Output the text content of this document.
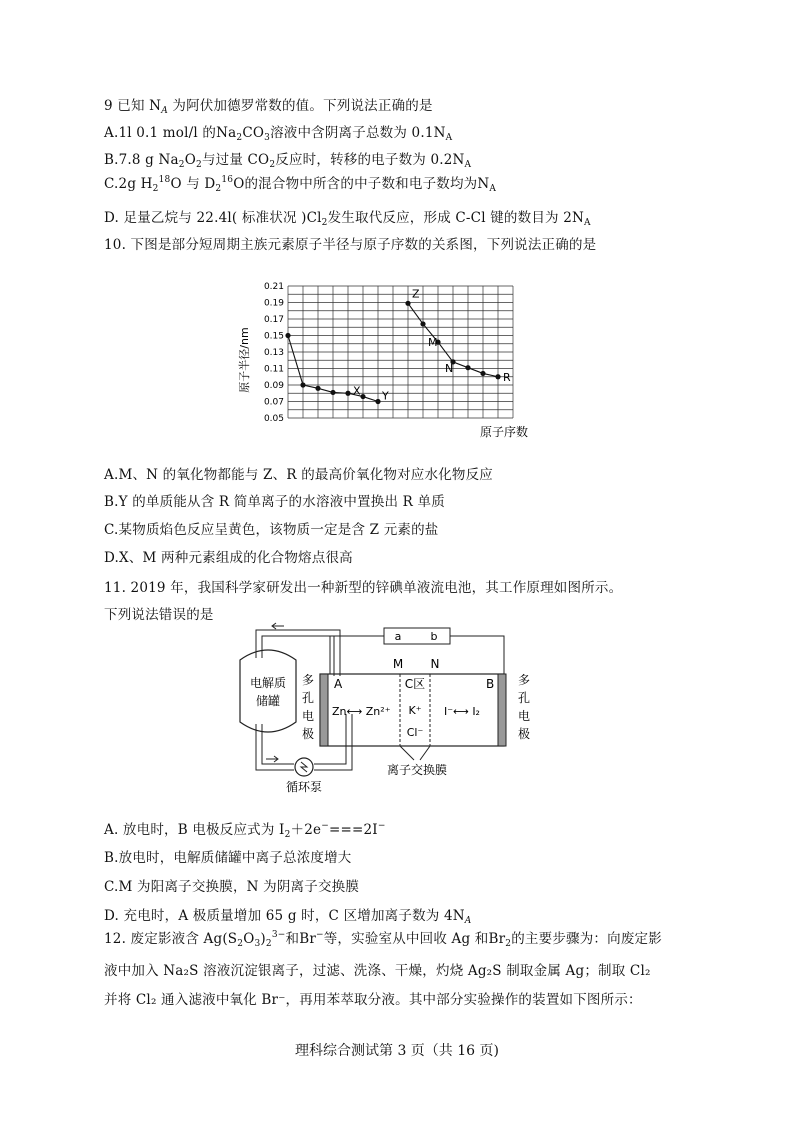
9 已知 $N_A$ 为阿伏加德罗常数的值。下列说法正确的是
A.1l 0.1 mol/l 的$Na_2CO_3$溶液中含阴离子总数为 $0.1N_A$
B.7.8 g $Na_2O_2$与过量 $CO_2$反应时，转移的电子数为 $0.2N_A$
C.2g $H_2^{18}O$ 与 $D_2^{16}O$的混合物中所含的中子数和电子数均为$N_A$
D. 足量乙烷与 22.4l( 标准状况 )$Cl_2$发生取代反应，形成 C-Cl 键的数目为 $2N_A$
10. 下图是部分短周期主族元素原子半径与原子序数的关系图，下列说法正确的是
0.21
0.19
0.17
0.15
0.13
0.11
0.09
0.07
0.05
X Y
Z
M
N
R
原子半径/nm
原子序数
A.M、N 的氧化物都能与 Z、R 的最高价氧化物对应水化物反应
B.Y 的单质能从含 R 简单离子的水溶液中置换出 R 单质
C.某物质焰色反应呈黄色，该物质一定是含 Z 元素的盐
D.X、M 两种元素组成的化合物熔点很高
11. 2019 年，我国科学家研发出一种新型的锌碘单液流电池，其工作原理如图所示。
下列说法错误的是
电解质
储罐
循环泵
a	b
M N
A	B
多
孔
电
极
多
孔
电
极
Zn⟷ Zn²⁺
C区
K⁺
Cl⁻
I⁻⟷ I₂
离子交换膜
A. 放电时，B 电极反应式为 $I_2+2e^-===2I^-$
B.放电时，电解质储罐中离子总浓度增大
C.M 为阳离子交换膜，N 为阴离子交换膜
D. 充电时，A 极质量增加 65 g 时，C 区增加离子数为 $4N_A$
12. 废定影液含 $Ag(S_2O_3)_2^{3-}$和Br−等，实验室从中回收 Ag 和$Br_2$的主要步骤为：向废定影
液中加入 Na₂S 溶液沉淀银离子，过滤、洗涤、干燥，灼烧 Ag₂S 制取金属 Ag；制取 Cl₂
并将 Cl₂ 通入滤液中氧化 Br⁻，再用苯萃取分液。其中部分实验操作的装置如下图所示：
理科综合测试第 3 页（共 16 页)
